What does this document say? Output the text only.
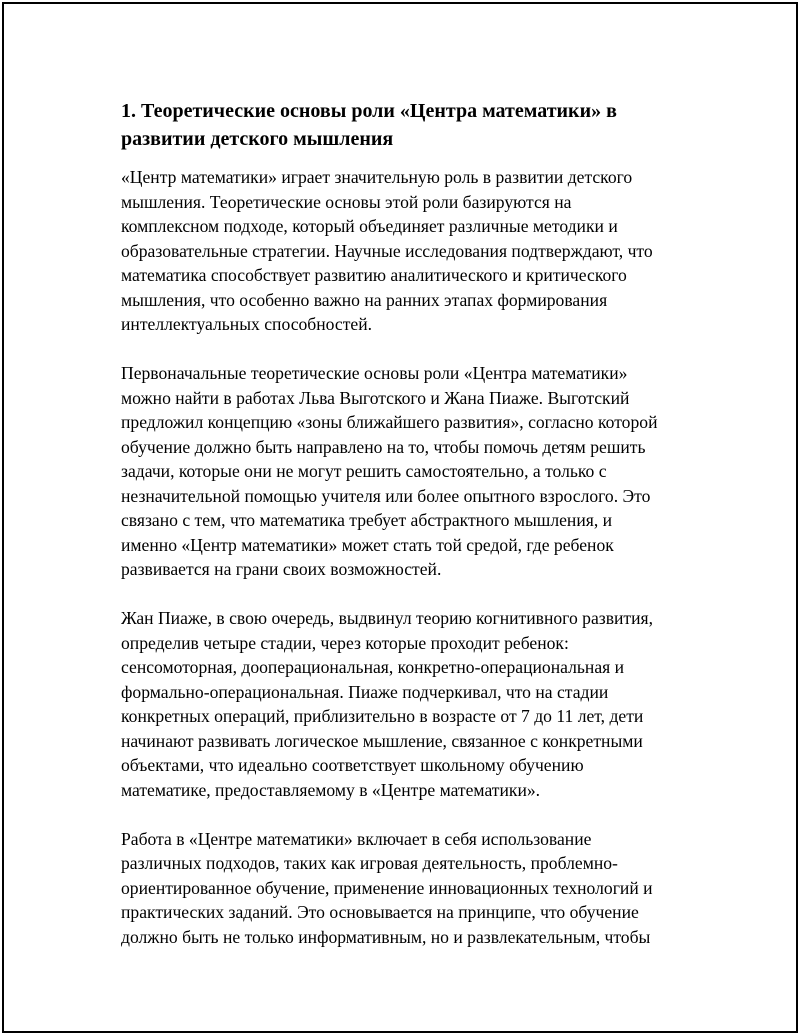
1. Теоретические основы роли «Центра математики» в
развитии детского мышления

«Центр математики» играет значительную роль в развитии детского
мышления. Теоретические основы этой роли базируются на
комплексном подходе, который объединяет различные методики и
образовательные стратегии. Научные исследования подтверждают, что
математика способствует развитию аналитического и критического
мышления, что особенно важно на ранних этапах формирования
интеллектуальных способностей.

Первоначальные теоретические основы роли «Центра математики»
можно найти в работах Льва Выготского и Жана Пиаже. Выготский
предложил концепцию «зоны ближайшего развития», согласно которой
обучение должно быть направлено на то, чтобы помочь детям решить
задачи, которые они не могут решить самостоятельно, а только с
незначительной помощью учителя или более опытного взрослого. Это
связано с тем, что математика требует абстрактного мышления, и
именно «Центр математики» может стать той средой, где ребенок
развивается на грани своих возможностей.

Жан Пиаже, в свою очередь, выдвинул теорию когнитивного развития,
определив четыре стадии, через которые проходит ребенок:
сенсомоторная, дооперациональная, конкретно-операциональная и
формально-операциональная. Пиаже подчеркивал, что на стадии
конкретных операций, приблизительно в возрасте от 7 до 11 лет, дети
начинают развивать логическое мышление, связанное с конкретными
объектами, что идеально соответствует школьному обучению
математике, предоставляемому в «Центре математики».

Работа в «Центре математики» включает в себя использование
различных подходов, таких как игровая деятельность, проблемно-
ориентированное обучение, применение инновационных технологий и
практических заданий. Это основывается на принципе, что обучение
должно быть не только информативным, но и развлекательным, чтобы
